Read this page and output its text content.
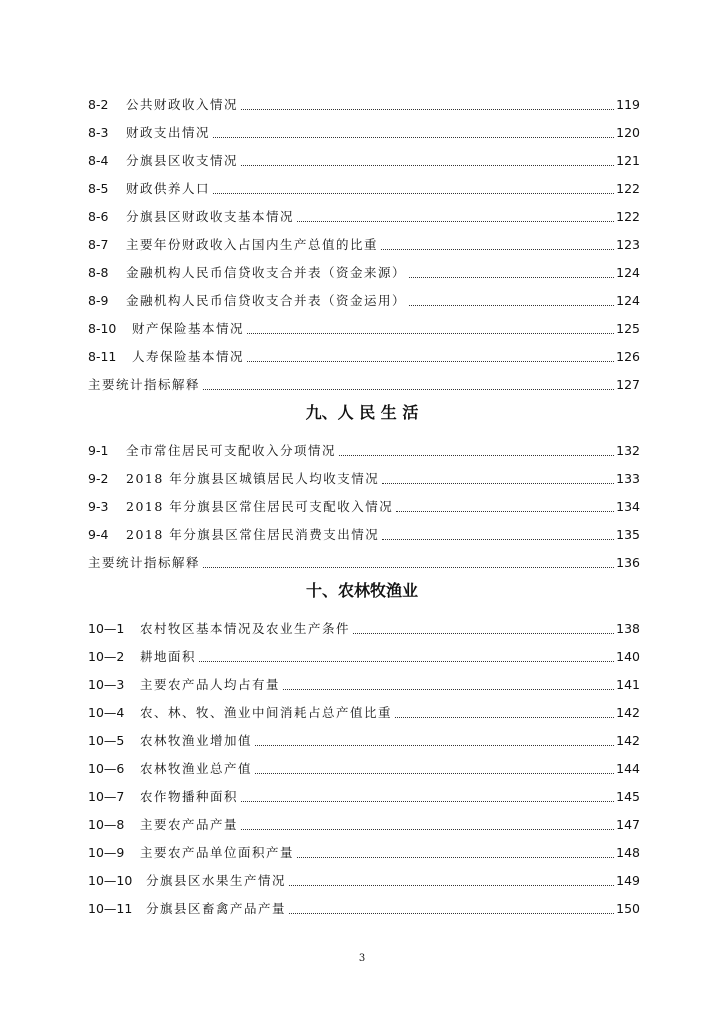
8-2	公共财政收入情况	119
8-3	财政支出情况	120
8-4	分旗县区收支情况	121
8-5	财政供养人口	122
8-6	分旗县区财政收支基本情况	122
8-7	主要年份财政收入占国内生产总值的比重	123
8-8	金融机构人民币信贷收支合并表（资金来源）	124
8-9	金融机构人民币信贷收支合并表（资金运用）	124
8-10	财产保险基本情况	125
8-11	人寿保险基本情况	126
主要统计指标解释	127
九、人 民 生 活
9-1	全市常住居民可支配收入分项情况	132
9-2	2018 年分旗县区城镇居民人均收支情况	133
9-3	2018 年分旗县区常住居民可支配收入情况	134
9-4	2018 年分旗县区常住居民消费支出情况	135
主要统计指标解释	136
十、农林牧渔业
10—1	农村牧区基本情况及农业生产条件	138
10—2	耕地面积	140
10—3	主要农产品人均占有量	141
10—4	农、林、牧、渔业中间消耗占总产值比重	142
10—5	农林牧渔业增加值	142
10—6	农林牧渔业总产值	144
10—7	农作物播种面积	145
10—8	主要农产品产量	147
10—9	主要农产品单位面积产量	148
10—10	分旗县区水果生产情况	149
10—11	分旗县区畜禽产品产量	150
3
